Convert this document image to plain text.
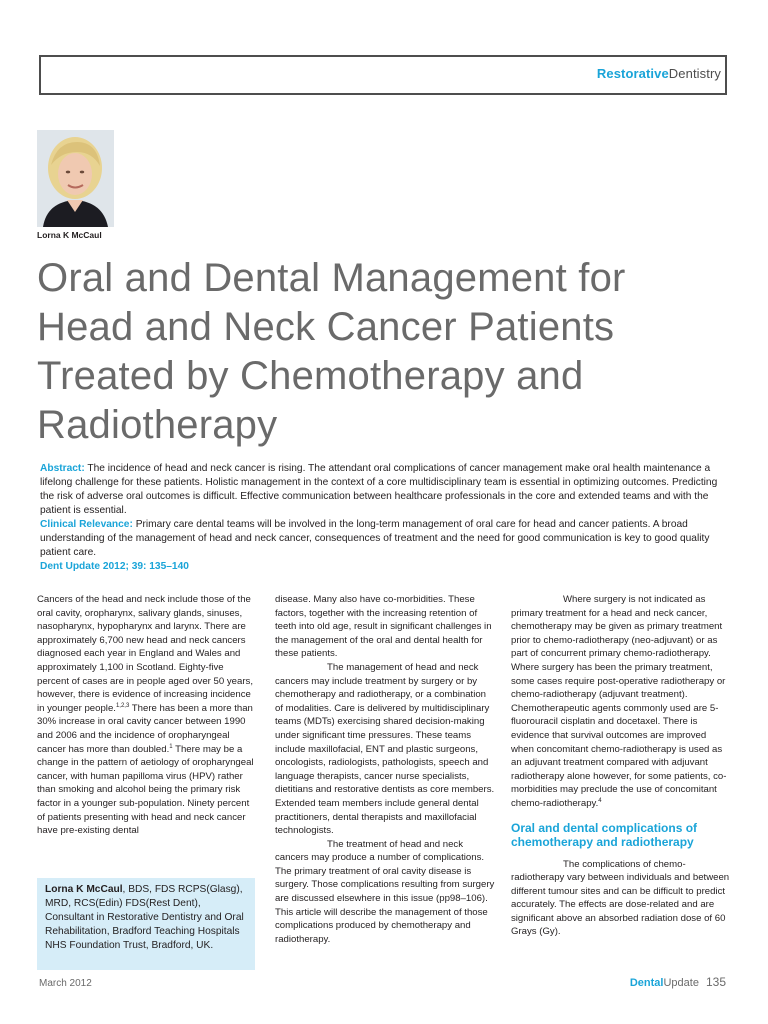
RestorativeDentistry
Lorna K McCaul
Oral and Dental Management for
Head and Neck Cancer Patients
Treated by Chemotherapy and
Radiotherapy

Abstract: The incidence of head and neck cancer is rising. The attendant oral complications of cancer management make oral health maintenance a lifelong challenge for these patients. Holistic management in the context of a core multidisciplinary team is essential in optimizing outcomes. Predicting the risk of adverse oral outcomes is difficult. Effective communication between healthcare professionals in the core and extended teams and with the patient is essential.

Clinical Relevance: Primary care dental teams will be involved in the long-term management of oral care for head and cancer patients. A broad understanding of the management of head and neck cancer, consequences of treatment and the need for good communication is key to good quality patient care.

Dent Update 2012; 39: 135–140

Cancers of the head and neck include those of the oral cavity, oropharynx, salivary glands, sinuses, nasopharynx, hypopharynx and larynx. There are approximately 6,700 new head and neck cancers diagnosed each year in England and Wales and approximately 1,100 in Scotland. Eighty-five percent of cases are in people aged over 50 years, however, there is evidence of increasing incidence in younger people.$^{1,2,3}$ There has been a more than 30% increase in oral cavity cancer between 1990 and 2006 and the incidence of oropharyngeal cancer has more than doubled.$^1$ There may be a change in the pattern of aetiology of oropharyngeal cancer, with human papilloma virus (HPV) rather than smoking and alcohol being the primary risk factor in a younger sub-population. Ninety percent of patients presenting with head and neck cancer have pre-existing dental

Lorna K McCaul, BDS, FDS RCPS(Glasg), MRD, RCS(Edin) FDS(Rest Dent), Consultant in Restorative Dentistry and Oral Rehabilitation, Bradford Teaching Hospitals NHS Foundation Trust, Bradford, UK.

disease. Many also have co-morbidities. These factors, together with the increasing retention of teeth into old age, result in significant challenges in the management of the oral and dental health for these patients.

The management of head and neck cancers may include treatment by surgery or by chemotherapy and radiotherapy, or a combination of modalities. Care is delivered by multidisciplinary teams (MDTs) exercising shared decision-making under significant time pressures. These teams include maxillofacial, ENT and plastic surgeons, oncologists, radiologists, pathologists, speech and language therapists, cancer nurse specialists, dietitians and restorative dentists as core members. Extended team members include general dental practitioners, dental therapists and maxillofacial technologists.

The treatment of head and neck cancers may produce a number of complications. The primary treatment of oral cavity disease is surgery. Those complications resulting from surgery are discussed elsewhere in this issue (pp98–106). This article will describe the management of those complications produced by chemotherapy and radiotherapy.

Where surgery is not indicated as primary treatment for a head and neck cancer, chemotherapy may be given as primary treatment prior to chemo-radiotherapy (neo-adjuvant) or as part of concurrent primary chemo-radiotherapy. Where surgery has been the primary treatment, some cases require post-operative radiotherapy or chemo-radiotherapy (adjuvant treatment). Chemotherapeutic agents commonly used are 5-fluorouracil cisplatin and docetaxel. There is evidence that survival outcomes are improved when concomitant chemo-radiotherapy is used as an adjuvant treatment compared with adjuvant radiotherapy alone however, for some patients, co-morbidities may preclude the use of concomitant chemo-radiotherapy.$^4$

Oral and dental complications of chemotherapy and radiotherapy

The complications of chemo-radiotherapy vary between individuals and between different tumour sites and can be difficult to predict accurately. The effects are dose-related and are significant above an absorbed radiation dose of 60 Grays (Gy).

March 2012	DentalUpdate 135
